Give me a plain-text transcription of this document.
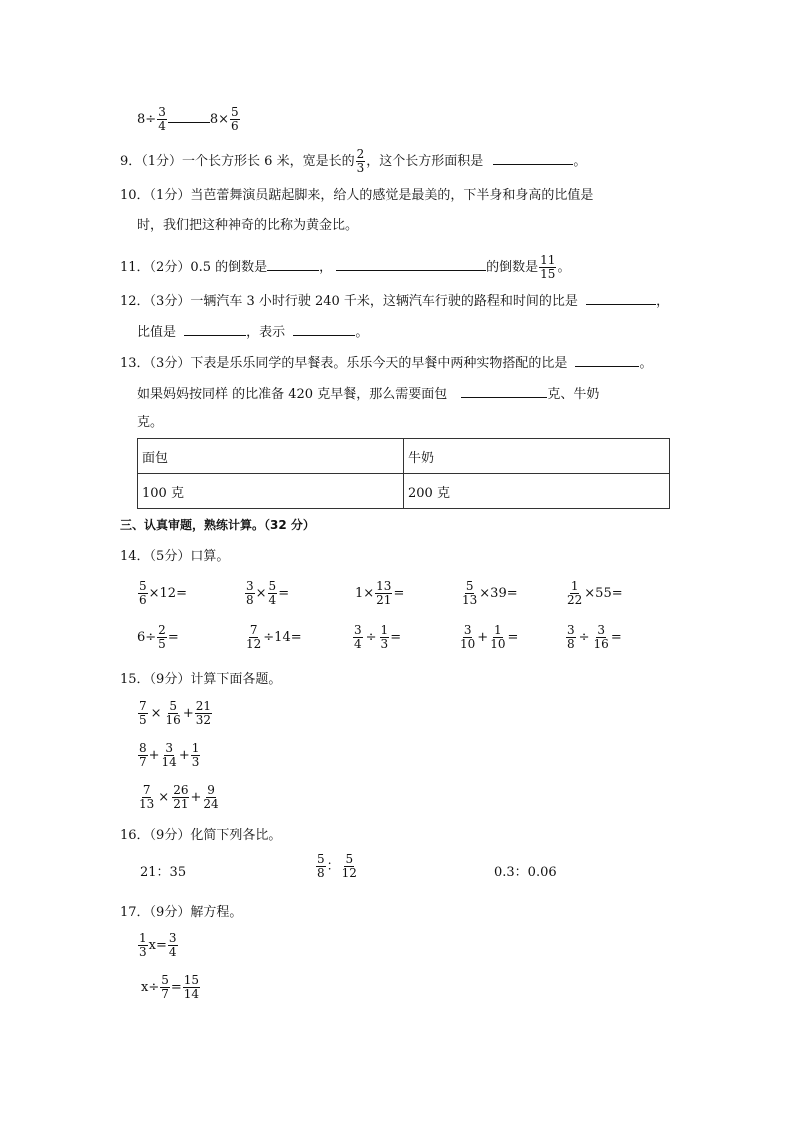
$8\div \frac{3}{4}$	$8\times \frac{5}{6}$
9．（1分）一个长方形长 6 米，宽是长的 $\frac{2}{3}$ ，这个长方形面积是	。
10．（1分）当芭蕾舞演员踮起脚来，给人的感觉是最美的，下半身和身高的比值是
时，我们把这种神奇的比称为黄金比。
11．（2分）0.5 的倒数是	，	的倒数是 $\frac{11}{15}$ 。
12．（3分）一辆汽车 3 小时行驶 240 千米，这辆汽车行驶的路程和时间的比是	，
比值是	，表示	。
13．（3分）下表是乐乐同学的早餐表。乐乐今天的早餐中两种实物搭配的比是	。
如果妈妈按同样 的比准备 420 克早餐，那么需要面包	克、牛奶
克。
面包	牛奶
100 克	200 克
三、认真审题，熟练计算。（32 分）
14．（5分）口算。
$\frac{5}{6} \times 12=$	$\frac{3}{8} \times \frac{5}{4}$ =	$1\times \frac{13}{21}$ =	$\frac{5}{13} \times 39=$	$\frac{1}{22} \times 55=$
$6\div \frac{2}{5}$ =	$\frac{7}{12} \div 14=$	$\frac{3}{4} \div \frac{1}{3}$ =	$\frac{3}{10} + \frac{1}{10}$ =	$\frac{3}{8} \div \frac{3}{16}$ =
15．（9分）计算下面各题。
$\frac{7}{5} \times \frac{5}{16} + \frac{21}{32}$
$\frac{8}{7} + \frac{3}{14} + \frac{1}{3}$
$\frac{7}{13} \times \frac{26}{21} + \frac{9}{24}$
16．（9分）化简下列各比。
21：35	$\frac{5}{8}$ ： $\frac{5}{12}$	0.3：0.06
17．（9分）解方程。
$\frac{1}{3} x= \frac{3}{4}$
$x\div \frac{5}{7} = \frac{15}{14}$
